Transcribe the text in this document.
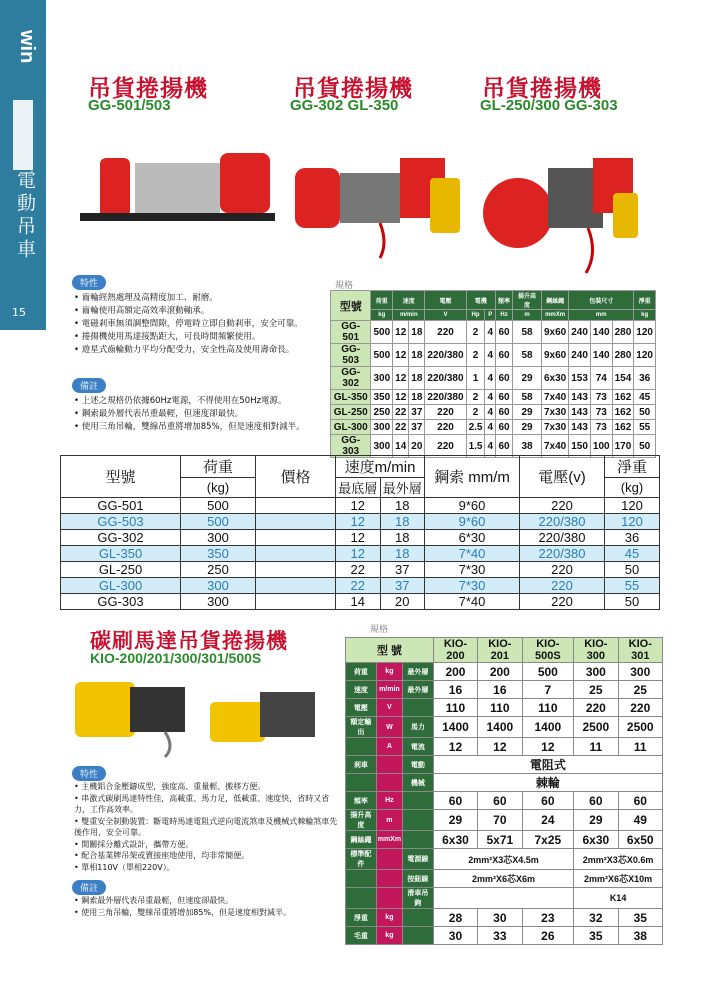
win
電動吊車
15
吊貨捲揚機
GG-501/503
吊貨捲揚機
GG-302 GL-350
吊貨捲揚機
GL-250/300 GG-303
特性
• 齒輪經熱處理及高精度加工、耐磨。
• 齒輪使用高額定高效率滾動軸承。
• 電磁剎車無須調整間隙，停電時立即自動剎車，安全可靠。
• 捲揚機使用馬達接點距大，可長時間頻繁使用。
• 遊星式齒輪動力平均分配受力，安全性高及使用壽命長。
備註
• 上述之規格仍依據60Hz電源，不得使用在50Hz電源。
• 鋼索最外層代表吊重最輕，但速度卻最快。
• 使用三角吊輪，雙線吊重將增加85%，但是速度相對減半。
規格
型號	荷重	速度		電壓	電機		頻率	揚升高度	鋼絲繩	包裝尺寸			淨重
	kg	m/min		V	Hp	P	Hz	m	mmXm	mm			kg
GG-501	500	12	18	220	2	4	60	58	9x60	240	140	280	120
GG-503	500	12	18	220/380	2	4	60	58	9x60	240	140	280	120
GG-302	300	12	18	220/380	1	4	60	29	6x30	153	74	154	36
GL-350	350	12	18	220/380	2	4	60	58	7x40	143	73	162	45
GL-250	250	22	37	220	2	4	60	29	7x30	143	73	162	50
GL-300	300	22	37	220	2.5	4	60	29	7x30	143	73	162	55
GG-303	300	14	20	220	1.5	4	60	38	7x40	150	100	170	50
型號	荷重	價格	速度m/min		鋼索 mm/m	電壓(v)	淨重
	(kg)		最底層	最外層			(kg)
GG-501	500		12	18	9*60	220	120
GG-503	500		12	18	9*60	220/380	120
GG-302	300		12	18	6*30	220/380	36
GL-350	350		12	18	7*40	220/380	45
GL-250	250		22	37	7*30	220	50
GL-300	300		22	37	7*30	220	55
GG-303	300		14	20	7*40	220	50
碳刷馬達吊貨捲揚機
KIO-200/201/300/301/500S
規格
型 號			KIO-200	KIO-201	KIO-500S	KIO-300	KIO-301
荷重	kg	最外層	200	200	500	300	300
速度	m/min	最外層	16	16	7	25	25
電壓	V		110	110	110	220	220
額定輸出	W	馬力	1400	1400	1400	2500	2500
	A	電流	12	12	12	11	11
剎車		電動	電阻式				
		機械	棘輪				
頻率	Hz		60	60	60	60	60
揚升高度	m		29	70	24	29	49
鋼絲繩	mmXm		6x30	5x71	7x25	6x30	6x50
標準配件		電源線	2mm²X3芯X4.5m			2mm²X3芯X0.6m	
		按鈕線	2mm²X6芯X6m			2mm²X6芯X10m	
		滑車吊鉤				K14	
淨重	kg		28	30	23	32	35
毛重	kg		30	33	26	35	38
特性
• 主機鋁合金壓鑄成型，強度高、重量輕、搬移方便。
• 串激式碳刷馬達特性佳，高載重、馬力足，低載重、速度快，省時又省力，工作高效率。
• 雙重安全制動裝置：斷電時馬達電阻式逆向電流煞車及機械式棘輪煞車先後作用，安全可靠。
• 開關採分離式設計，攜帶方便。
• 配合基業牌吊架或賣接座地使用，均非常簡便。
• 單相110V（單相220V）。
備註
• 鋼索最外層代表吊重最輕，但速度卻最快。
• 使用三角吊輪，雙線吊重將增加85%，但是速度相對減半。
